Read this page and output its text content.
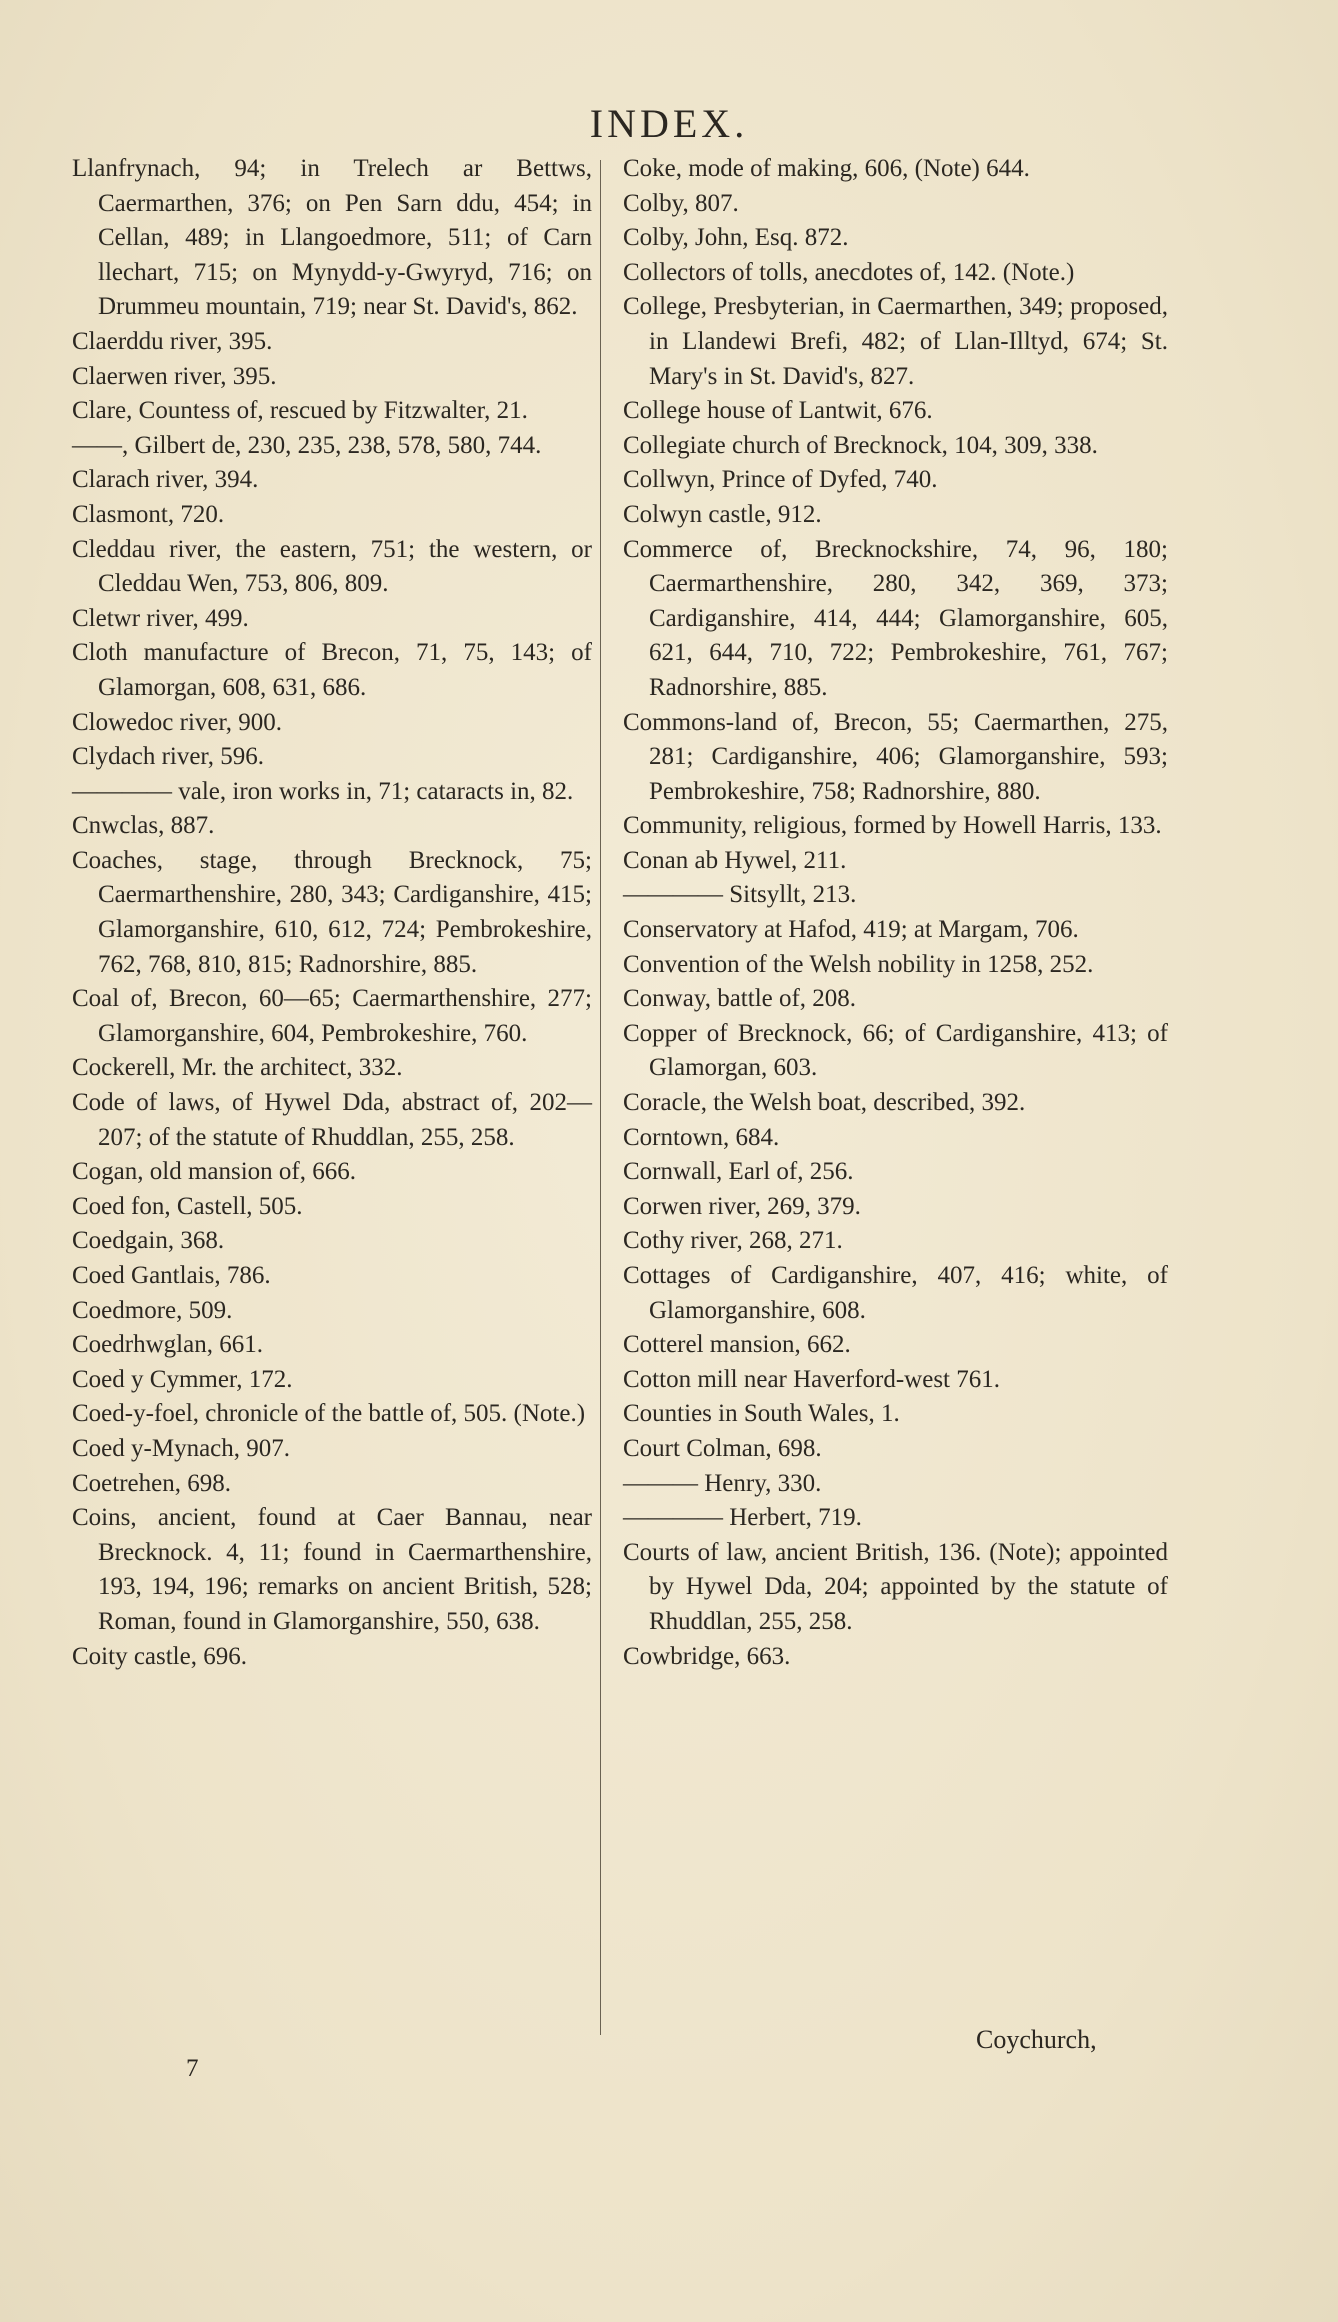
INDEX.
Llanfrynach, 94; in Trelech ar Bettws, Caermarthen, 376; on Pen Sarn ddu, 454; in Cellan, 489; in Llangoedmore, 511; of Carn llechart, 715; on Mynydd-y-Gwyryd, 716; on Drummeu mountain, 719; near St. David's, 862.
Claerddu river, 395.
Claerwen river, 395.
Clare, Countess of, rescued by Fitzwalter, 21.
——, Gilbert de, 230, 235, 238, 578, 580, 744.
Clarach river, 394.
Clasmont, 720.
Cleddau river, the eastern, 751; the western, or Cleddau Wen, 753, 806, 809.
Cletwr river, 499.
Cloth manufacture of Brecon, 71, 75, 143; of Glamorgan, 608, 631, 686.
Clowedoc river, 900.
Clydach river, 596.
———— vale, iron works in, 71; cataracts in, 82.
Cnwclas, 887.
Coaches, stage, through Brecknock, 75; Caermarthenshire, 280, 343; Cardiganshire, 415; Glamorganshire, 610, 612, 724; Pembrokeshire, 762, 768, 810, 815; Radnorshire, 885.
Coal of, Brecon, 60—65; Caermarthenshire, 277; Glamorganshire, 604, Pembrokeshire, 760.
Cockerell, Mr. the architect, 332.
Code of laws, of Hywel Dda, abstract of, 202—207; of the statute of Rhuddlan, 255, 258.
Cogan, old mansion of, 666.
Coed fon, Castell, 505.
Coedgain, 368.
Coed Gantlais, 786.
Coedmore, 509.
Coedrhwglan, 661.
Coed y Cymmer, 172.
Coed-y-foel, chronicle of the battle of, 505. (Note.)
Coed y-Mynach, 907.
Coetrehen, 698.
Coins, ancient, found at Caer Bannau, near Brecknock. 4, 11; found in Caermarthenshire, 193, 194, 196; remarks on ancient British, 528; Roman, found in Glamorganshire, 550, 638.
Coity castle, 696.
Coke, mode of making, 606, (Note) 644.
Colby, 807.
Colby, John, Esq. 872.
Collectors of tolls, anecdotes of, 142. (Note.)
College, Presbyterian, in Caermarthen, 349; proposed, in Llandewi Brefi, 482; of Llan-Illtyd, 674; St. Mary's in St. David's, 827.
College house of Lantwit, 676.
Collegiate church of Brecknock, 104, 309, 338.
Collwyn, Prince of Dyfed, 740.
Colwyn castle, 912.
Commerce of, Brecknockshire, 74, 96, 180; Caermarthenshire, 280, 342, 369, 373; Cardiganshire, 414, 444; Glamorganshire, 605, 621, 644, 710, 722; Pembrokeshire, 761, 767; Radnorshire, 885.
Commons-land of, Brecon, 55; Caermarthen, 275, 281; Cardiganshire, 406; Glamorganshire, 593; Pembrokeshire, 758; Radnorshire, 880.
Community, religious, formed by Howell Harris, 133.
Conan ab Hywel, 211.
———— Sitsyllt, 213.
Conservatory at Hafod, 419; at Margam, 706.
Convention of the Welsh nobility in 1258, 252.
Conway, battle of, 208.
Copper of Brecknock, 66; of Cardiganshire, 413; of Glamorgan, 603.
Coracle, the Welsh boat, described, 392.
Corntown, 684.
Cornwall, Earl of, 256.
Corwen river, 269, 379.
Cothy river, 268, 271.
Cottages of Cardiganshire, 407, 416; white, of Glamorganshire, 608.
Cotterel mansion, 662.
Cotton mill near Haverford-west 761.
Counties in South Wales, 1.
Court Colman, 698.
——— Henry, 330.
———— Herbert, 719.
Courts of law, ancient British, 136. (Note); appointed by Hywel Dda, 204; appointed by the statute of Rhuddlan, 255, 258.
Cowbridge, 663.
7
Coychurch,
